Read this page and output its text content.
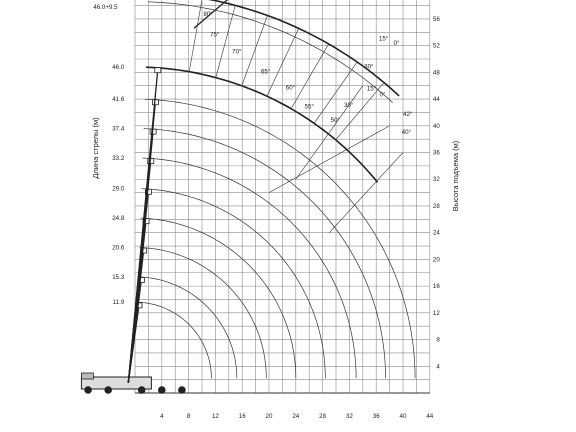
11.9
15.3
20.6
24.8
29.0
33.2
37.4
41.6
46.0
46.0+9.5
4	8	12	16	20	24	28	32	36	40	44
4
8
12
16
20
24
28
32
36
40
44
48
52
56
80°
75°
70°
65°
60°
55°
50°
15°
0°
30°
15°
0°
30°
42°
40°
Длина стрелы (м)	Высота подъема (м)
